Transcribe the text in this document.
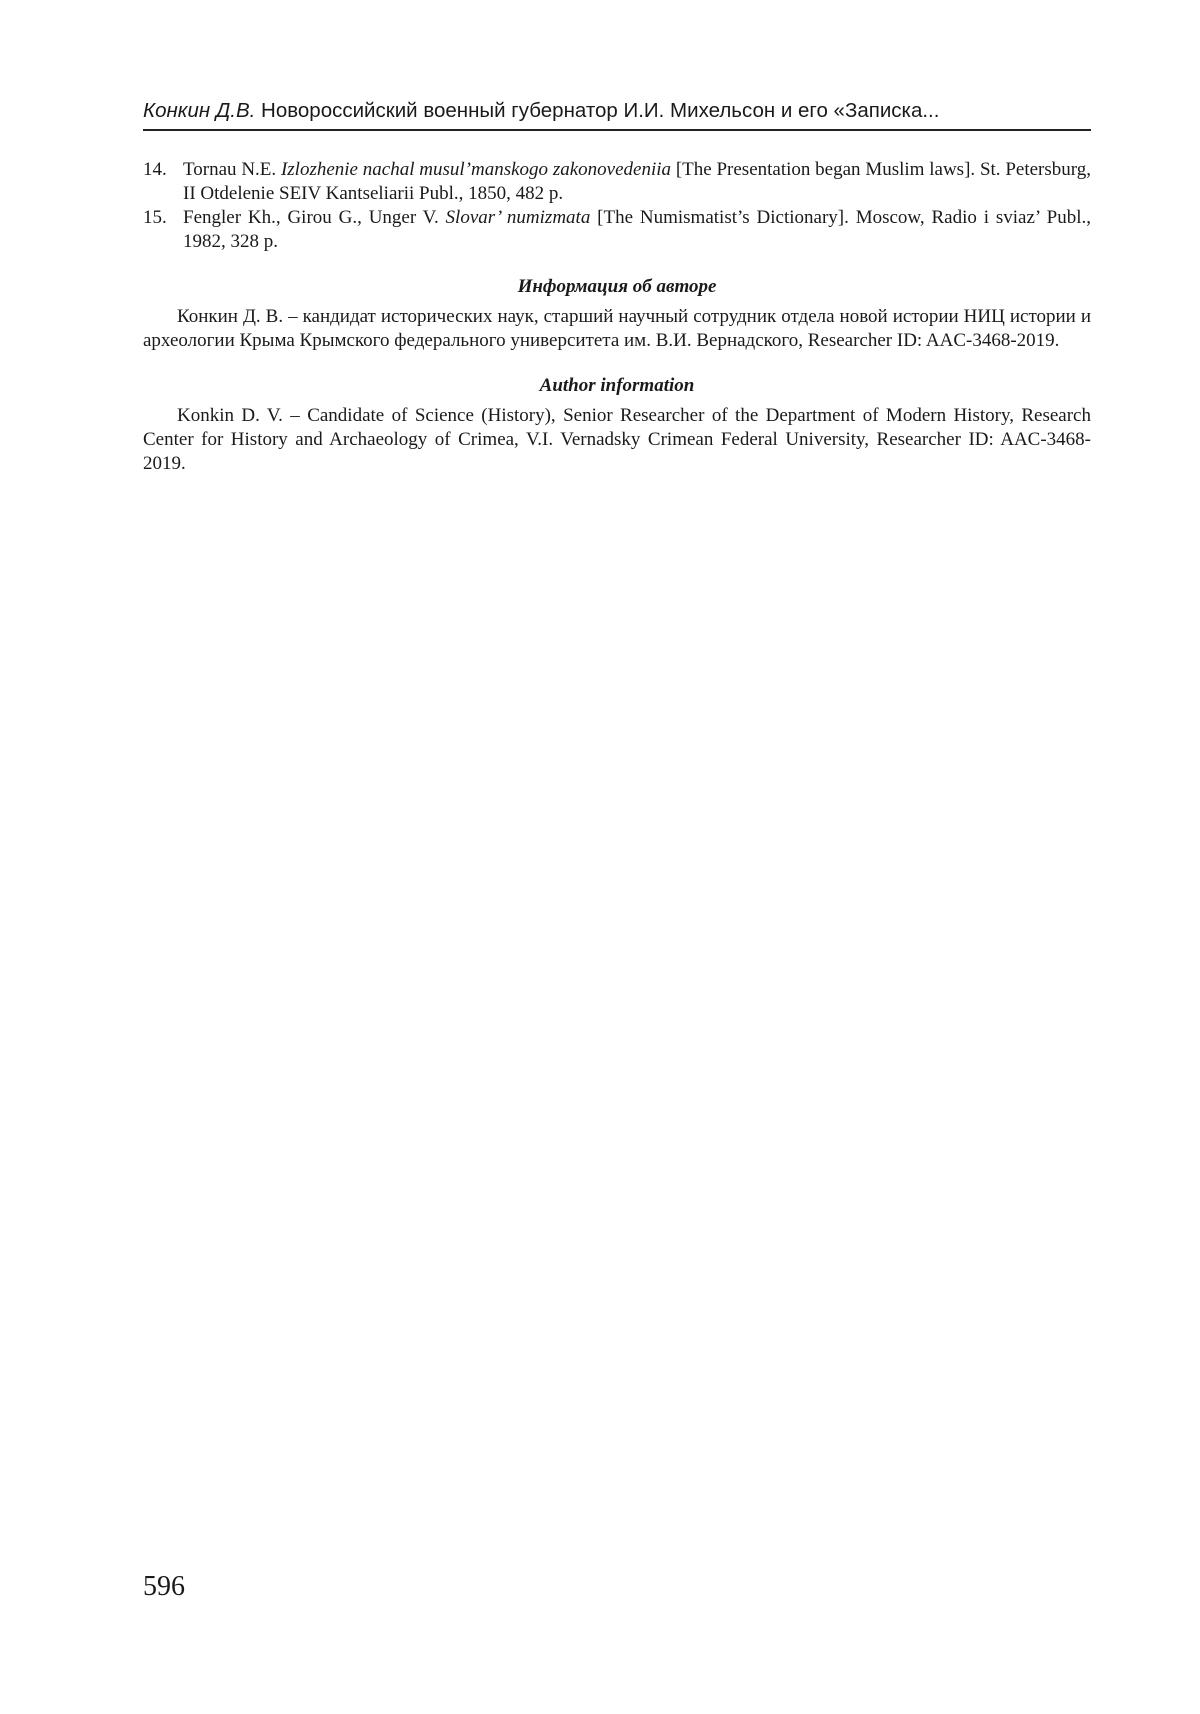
Конкин Д.В. Новороссийский военный губернатор И.И. Михельсон и его «Записка...
14. Tornau N.E. Izlozhenie nachal musul’manskogo zakonovedeniia [The Presentation began Muslim laws]. St. Petersburg, II Otdelenie SEIV Kantseliarii Publ., 1850, 482 p.
15. Fengler Kh., Girou G., Unger V. Slovar’ numizmata [The Numismatist’s Dictionary]. Moscow, Radio i sviaz’ Publ., 1982, 328 p.
Информация об авторе

Конкин Д. В. – кандидат исторических наук, старший научный сотрудник отдела новой истории НИЦ истории и археологии Крыма Крымского федерального университета им. В.И. Вернадского, Researcher ID: AAC-3468-2019.

Author information

Konkin D. V. – Candidate of Science (History), Senior Researcher of the Department of Modern History, Research Center for History and Archaeology of Crimea, V.I. Vernadsky Crimean Federal University, Researcher ID: AAC-3468-2019.

596
